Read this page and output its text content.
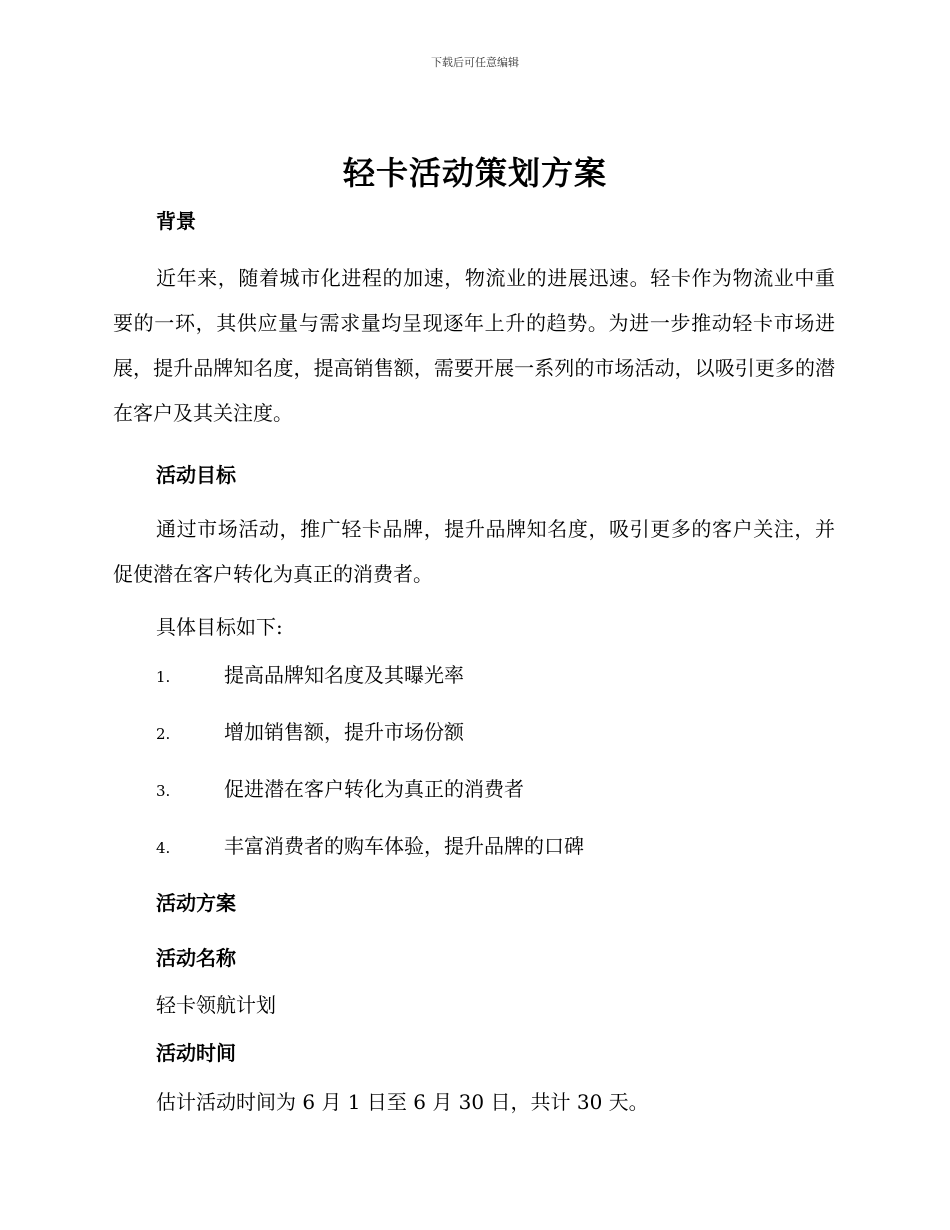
下载后可任意编辑
轻卡活动策划方案

背景

近年来，随着城市化进程的加速，物流业的进展迅速。轻卡作为物流业中重要的一环，其供应量与需求量均呈现逐年上升的趋势。为进一步推动轻卡市场进展，提升品牌知名度，提高销售额，需要开展一系列的市场活动，以吸引更多的潜在客户及其关注度。

活动目标

通过市场活动，推广轻卡品牌，提升品牌知名度，吸引更多的客户关注，并促使潜在客户转化为真正的消费者。

具体目标如下:

1.	提高品牌知名度及其曝光率

2.	增加销售额，提升市场份额

3.	促进潜在客户转化为真正的消费者

4.	丰富消费者的购车体验，提升品牌的口碑

活动方案

活动名称

轻卡领航计划

活动时间

估计活动时间为 6 月 1 日至 6 月 30 日，共计 30 天。
